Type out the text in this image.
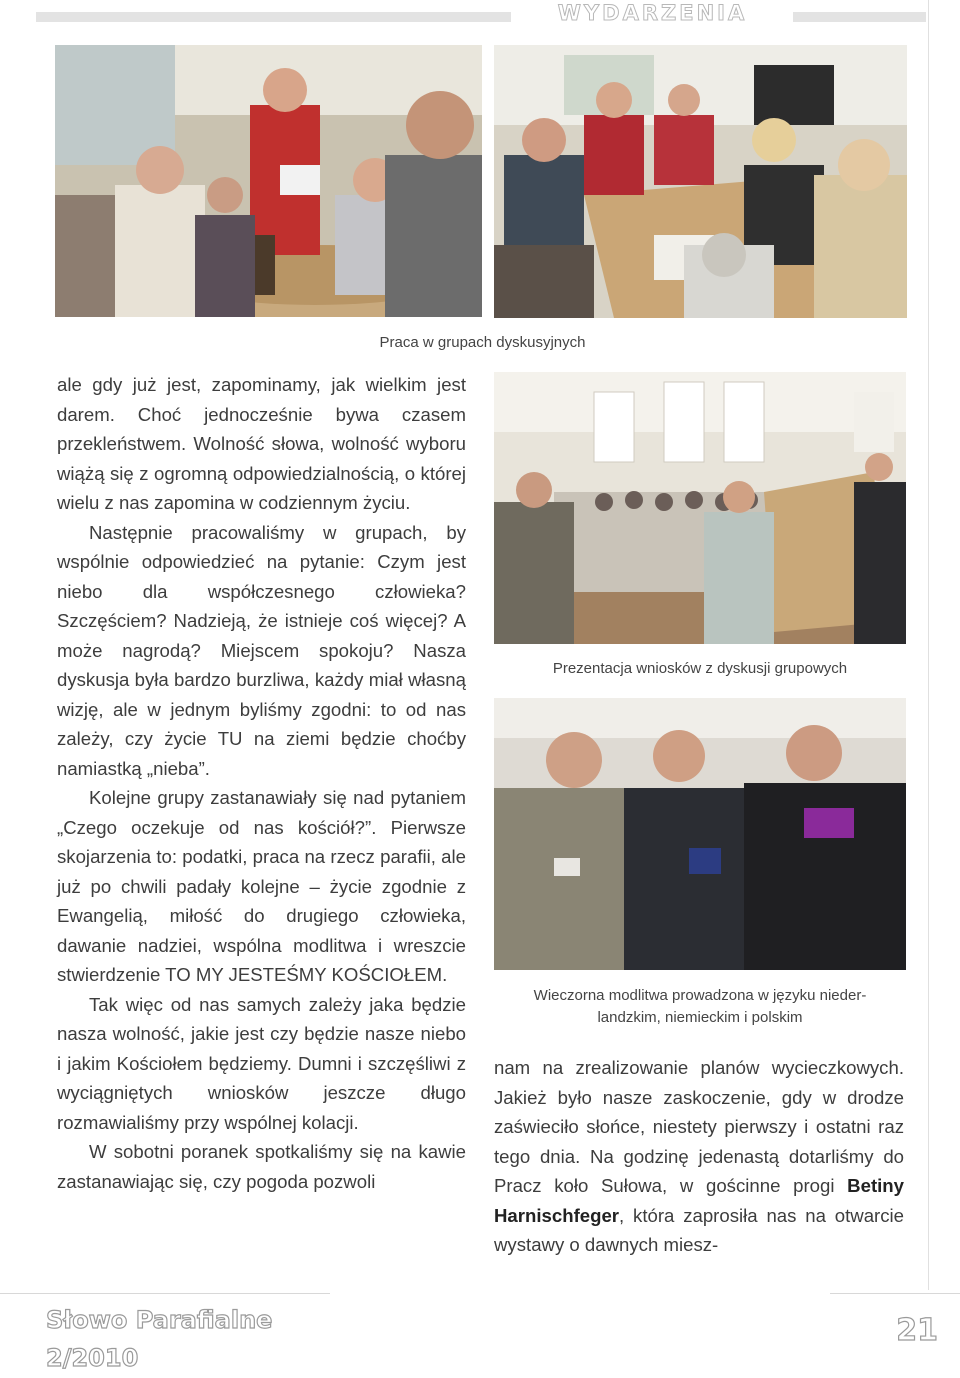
WYDARZENIA
Praca w grupach dyskusyjnych
Prezentacja wniosków z dyskusji grupowych
Wieczorna modlitwa prowadzona w języku nieder-
landzkim, niemieckim i polskim

ale gdy już jest, zapominamy, jak wielkim jest darem. Choć jednocześnie bywa czasem przekleństwem. Wolność słowa, wolność wyboru wiążą się z ogromną odpowiedzialnością, o której wielu z nas zapomina w codziennym życiu.

Następnie pracowaliśmy w grupach, by wspólnie odpowiedzieć na pytanie: Czym jest niebo dla współczesnego człowieka? Szczęściem? Nadzieją, że istnieje coś więcej? A może nagrodą? Miejscem spokoju? Nasza dyskusja była bardzo burzliwa, każdy miał własną wizję, ale w jednym byliśmy zgodni: to od nas zależy, czy życie TU na ziemi będzie choćby namiastką „nieba”.

Kolejne grupy zastanawiały się nad pytaniem „Czego oczekuje od nas kościół?”. Pierwsze skojarzenia to: podatki, praca na rzecz parafii, ale już po chwili padały kolejne – życie zgodnie z Ewangelią, miłość do drugiego człowieka, dawanie nadziei, wspólna modlitwa i wreszcie stwierdzenie TO MY JESTEŚMY KOŚCIOŁEM.

Tak więc od nas samych zależy jaka będzie nasza wolność, jakie jest czy będzie nasze niebo i jakim Kościołem będziemy. Dumni i szczęśliwi z wyciągniętych wniosków jeszcze długo rozmawialiśmy przy wspólnej kolacji.

W sobotni poranek spotkaliśmy się na kawie zastanawiając się, czy pogoda pozwoli

nam na zrealizowanie planów wycieczkowych. Jakież było nasze zaskoczenie, gdy w drodze zaświeciło słońce, niestety pierwszy i ostatni raz tego dnia. Na godzinę jedenastą dotarliśmy do Pracz koło Sułowa, w gościnne progi Betiny Harnischfeger, która zaprosiła nas na otwarcie wystawy o dawnych miesz-

Słowo Parafialne
2/2010
21
